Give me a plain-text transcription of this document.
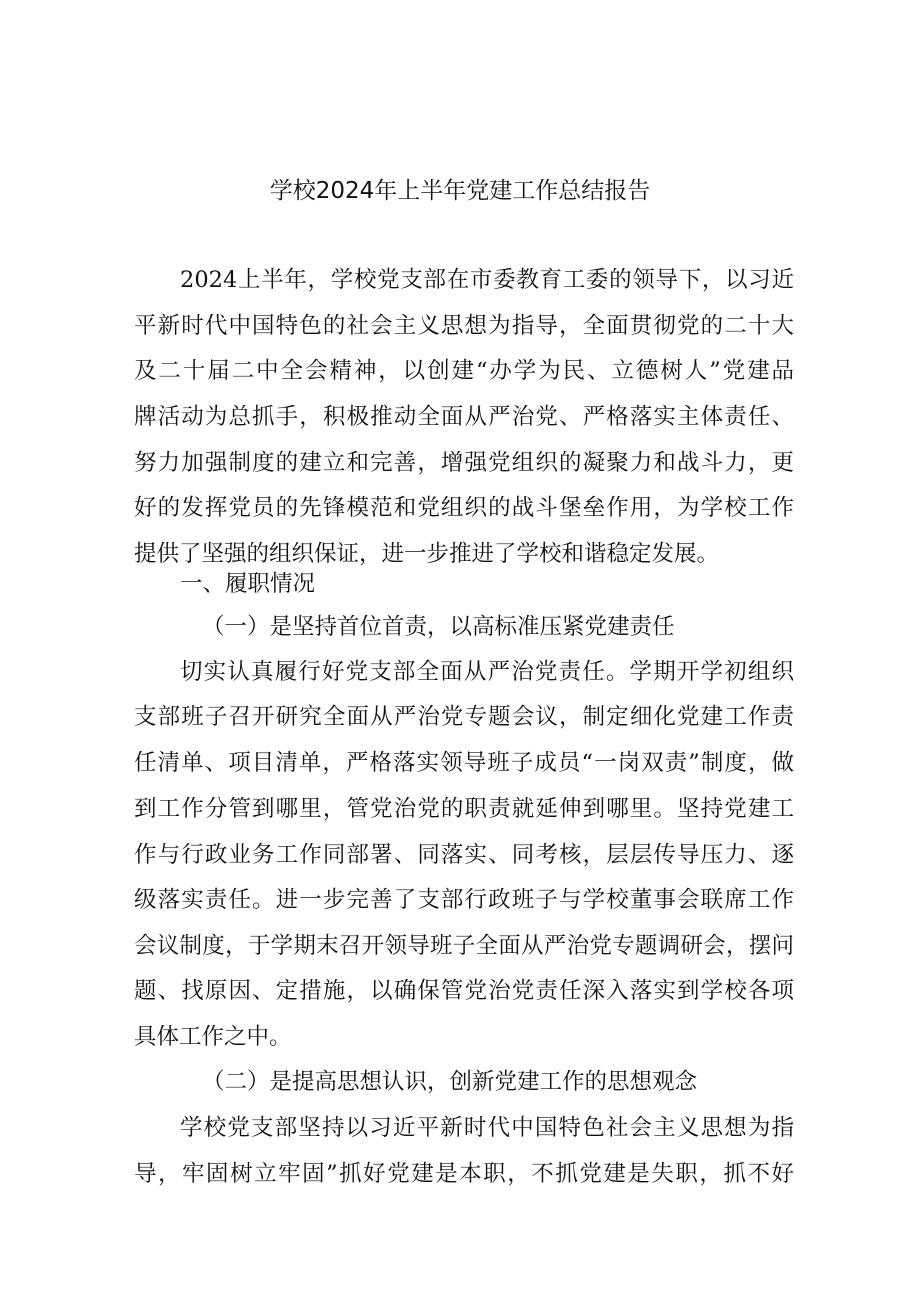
学校2024年上半年党建工作总结报告
2024上半年，学校党支部在市委教育工委的领导下，以习近
平新时代中国特色的社会主义思想为指导，全面贯彻党的二十大
及二十届二中全会精神，以创建“办学为民、立德树人”党建品
牌活动为总抓手，积极推动全面从严治党、严格落实主体责任、
努力加强制度的建立和完善，增强党组织的凝聚力和战斗力，更
好的发挥党员的先锋模范和党组织的战斗堡垒作用，为学校工作
提供了坚强的组织保证，进一步推进了学校和谐稳定发展。
一、履职情况
（一）是坚持首位首责，以高标准压紧党建责任
切实认真履行好党支部全面从严治党责任。学期开学初组织
支部班子召开研究全面从严治党专题会议，制定细化党建工作责
任清单、项目清单，严格落实领导班子成员“一岗双责”制度，做
到工作分管到哪里，管党治党的职责就延伸到哪里。坚持党建工
作与行政业务工作同部署、同落实、同考核，层层传导压力、逐
级落实责任。进一步完善了支部行政班子与学校董事会联席工作
会议制度，于学期末召开领导班子全面从严治党专题调研会，摆问
题、找原因、定措施，以确保管党治党责任深入落实到学校各项
具体工作之中。
（二）是提高思想认识，创新党建工作的思想观念
学校党支部坚持以习近平新时代中国特色社会主义思想为指
导，牢固树立牢固”抓好党建是本职，不抓党建是失职，抓不好
